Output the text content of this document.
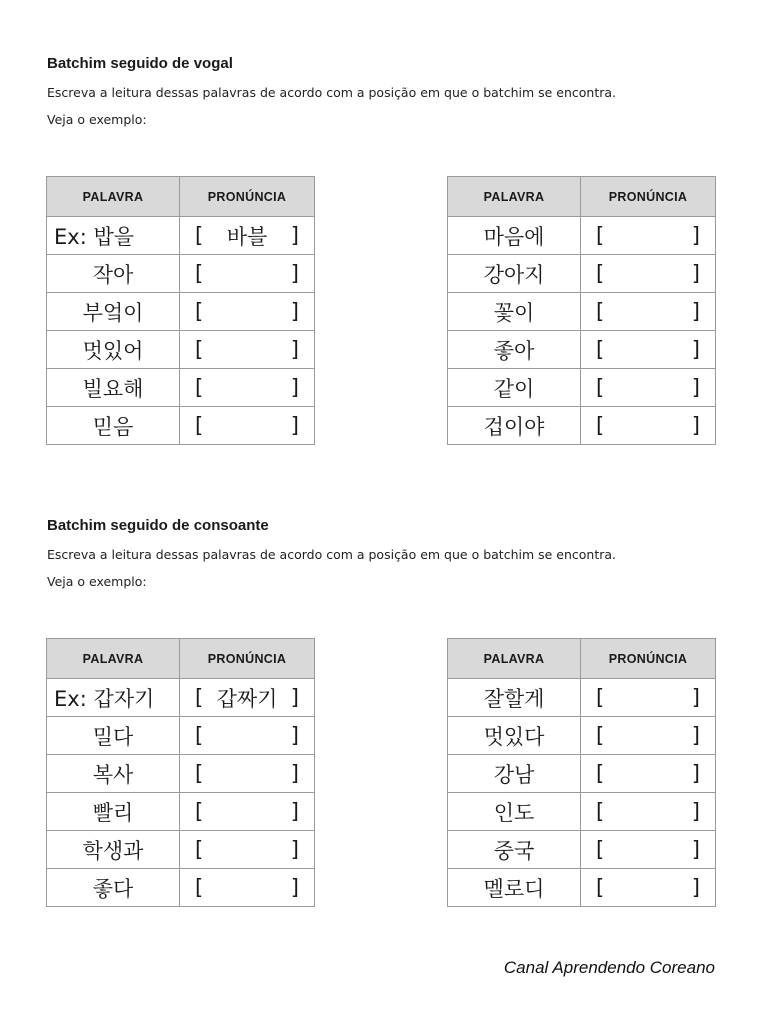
Batchim seguido de vogal

Escreva a leitura dessas palavras de acordo com a posição em que o batchim se encontra.

Veja o exemplo:

Batchim seguido de consoante

Escreva a leitura dessas palavras de acordo com a posição em que o batchim se encontra.

Veja o exemplo:

PALAVRA	PRONÚNCIA
Ex: 밥을	[ 바블 ]

작아	[ ]

부엌이	[ ]

멋있어	[ ]

빌요해	[ ]

믿음	[ ]
PALAVRA	PRONÚNCIA
마음에	[ ]

강아지	[ ]

꽃이	[ ]

좋아	[ ]

같이	[ ]

겁이야	[ ]
PALAVRA	PRONÚNCIA
Ex: 갑자기	[ 갑짜기 ]

밀다	[ ]

복사	[ ]

빨리	[ ]

학생과	[ ]

좋다	[ ]
PALAVRA	PRONÚNCIA
잘할게	[ ]

멋있다	[ ]

강남	[ ]

인도	[ ]

중국	[ ]

멜로디	[ ]
Canal Aprendendo Coreano
